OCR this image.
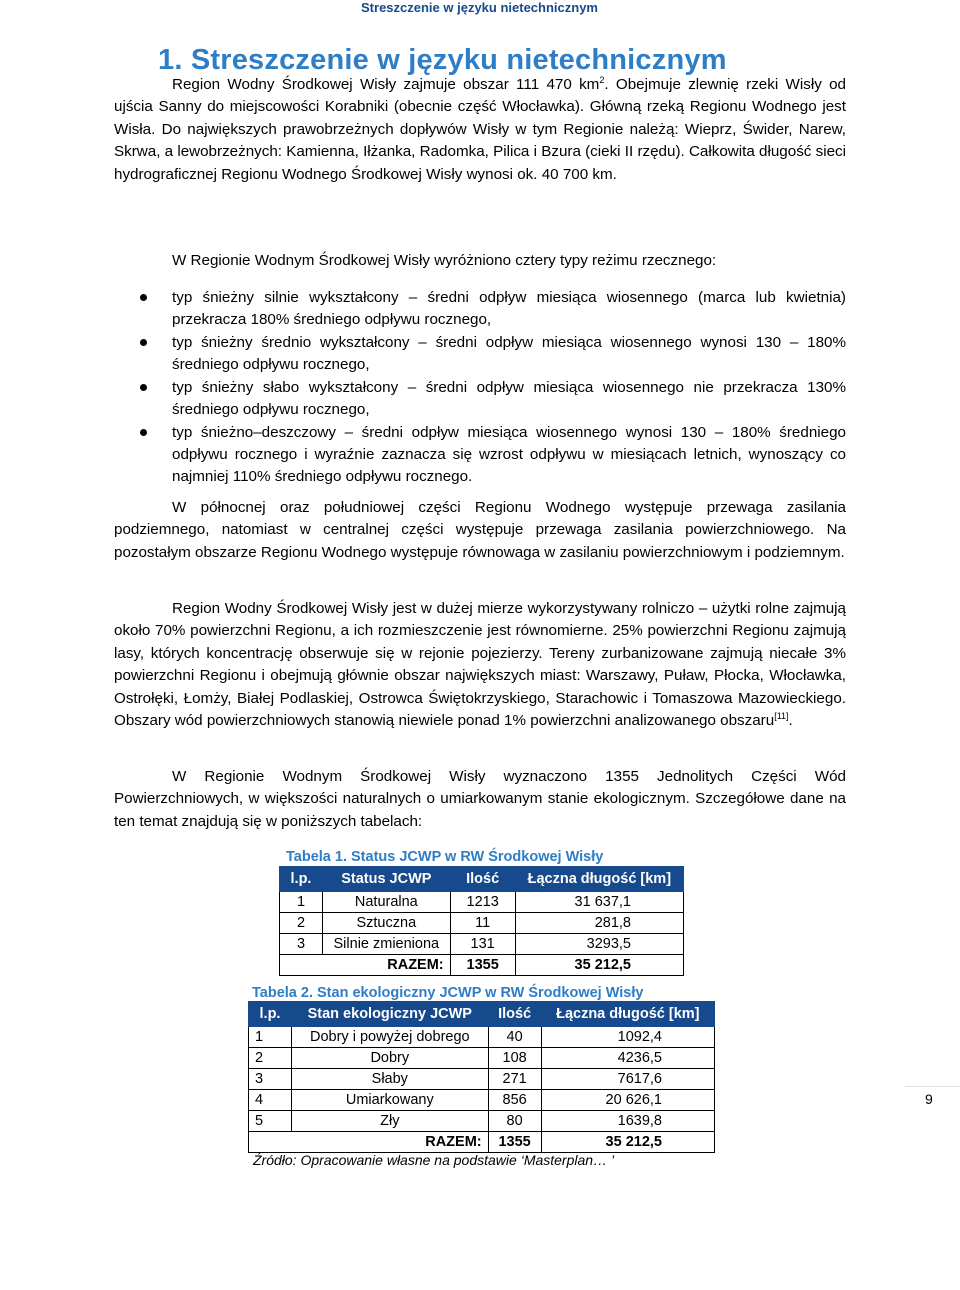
Streszczenie w języku nietechnicznym
1. Streszczenie w języku nietechnicznym

Region Wodny Środkowej Wisły zajmuje obszar 111 470 $km^2$. Obejmuje zlewnię rzeki Wisły od ujścia Sanny do miejscowości Korabniki (obecnie część Włocławka). Główną rzeką Regionu Wodnego jest Wisła. Do największych prawobrzeżnych dopływów Wisły w tym Regionie należą: Wieprz, Świder, Narew, Skrwa, a lewobrzeżnych: Kamienna, Iłżanka, Radomka, Pilica i Bzura (cieki II rzędu). Całkowita długość sieci hydrograficznej Regionu Wodnego Środkowej Wisły wynosi ok. 40 700 km.

W Regionie Wodnym Środkowej Wisły wyróżniono cztery typy reżimu rzecznego:
typ śnieżny silnie wykształcony – średni odpływ miesiąca wiosennego (marca lub kwietnia) przekracza 180% średniego odpływu rocznego,
typ śnieżny średnio wykształcony – średni odpływ miesiąca wiosennego wynosi 130 – 180% średniego odpływu rocznego,
typ śnieżny słabo wykształcony – średni odpływ miesiąca wiosennego nie przekracza 130% średniego odpływu rocznego,
typ śnieżno–deszczowy – średni odpływ miesiąca wiosennego wynosi 130 – 180% średniego odpływu rocznego i wyraźnie zaznacza się wzrost odpływu w miesiącach letnich, wynoszący co najmniej 110% średniego odpływu rocznego.

W północnej oraz południowej części Regionu Wodnego występuje przewaga zasilania podziemnego, natomiast w centralnej części występuje przewaga zasilania powierzchniowego. Na pozostałym obszarze Regionu Wodnego występuje równowaga w zasilaniu powierzchniowym i podziemnym.

Region Wodny Środkowej Wisły jest w dużej mierze wykorzystywany rolniczo – użytki rolne zajmują około 70% powierzchni Regionu, a ich rozmieszczenie jest równomierne. 25% powierzchni Regionu zajmują lasy, których koncentrację obserwuje się w rejonie pojezierzy. Tereny zurbanizowane zajmują niecałe 3% powierzchni Regionu i obejmują głównie obszar największych miast: Warszawy, Puław, Płocka, Włocławka, Ostrołęki, Łomży, Białej Podlaskiej, Ostrowca Świętokrzyskiego, Starachowic i Tomaszowa Mazowieckiego. Obszary wód powierzchniowych stanowią niewiele ponad 1% powierzchni analizowanego obszaru[11].

W Regionie Wodnym Środkowej Wisły wyznaczono 1355 Jednolitych Części Wód Powierzchniowych, w większości naturalnych o umiarkowanym stanie ekologicznym. Szczegółowe dane na ten temat znajdują się w poniższych tabelach:

Tabela 1. Status JCWP w RW Środkowej Wisły
l.p.	Status JCWP	Ilość	Łączna długość [km]
1	Naturalna	1213	31 637,1
2	Sztuczna	11	281,8
3	Silnie zmieniona	131	3293,5
RAZEM:		1355	35 212,5
Tabela 2. Stan ekologiczny JCWP w RW Środkowej Wisły
l.p.	Stan ekologiczny JCWP	Ilość	Łączna długość [km]
1	Dobry i powyżej dobrego	40	1092,4
2	Dobry	108	4236,5
3	Słaby	271	7617,6
4	Umiarkowany	856	20 626,1
5	Zły	80	1639,8
RAZEM:		1355	35 212,5
Źródło: Opracowanie własne na podstawie ‘Masterplan… ’
9
